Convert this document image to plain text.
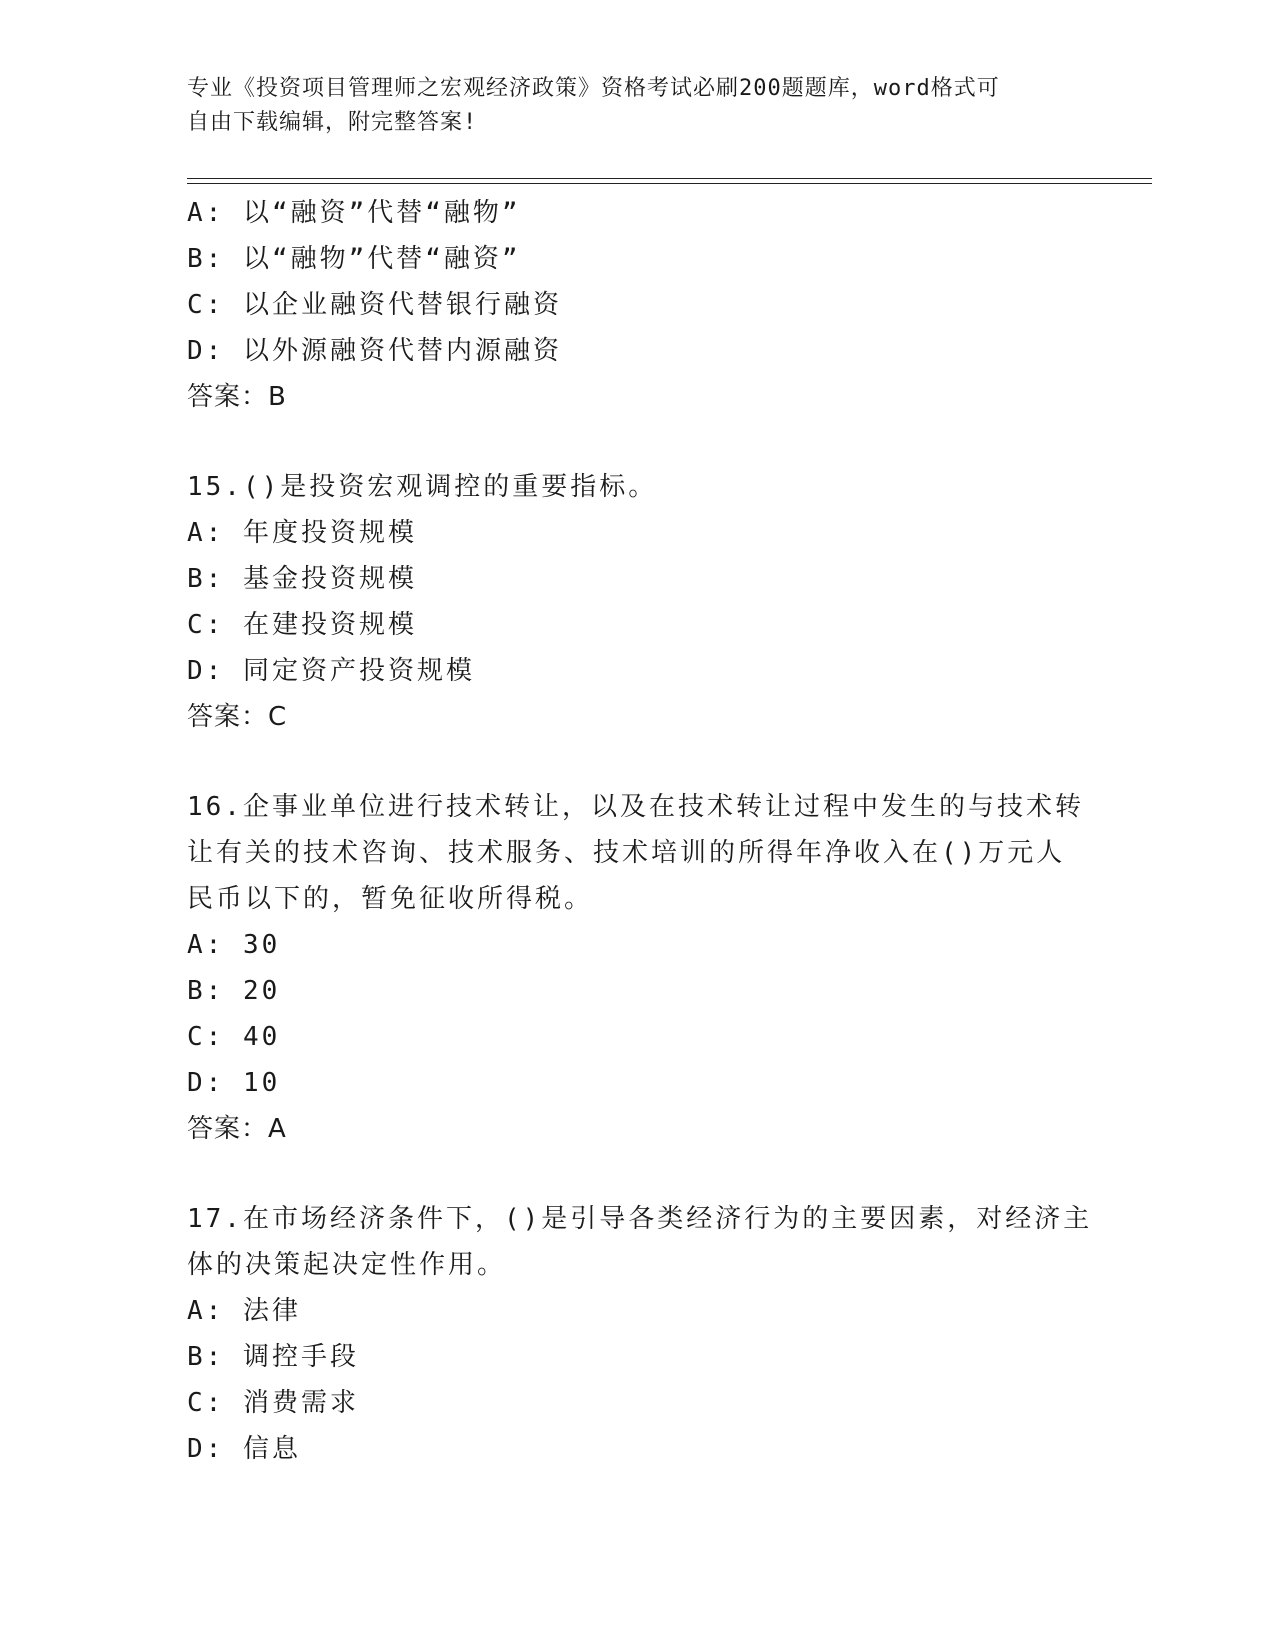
专业《投资项目管理师之宏观经济政策》资格考试必刷200题题库，word格式可
自由下载编辑，附完整答案!
A: 以“融资”代替“融物”
B: 以“融物”代替“融资”
C: 以企业融资代替银行融资
D: 以外源融资代替内源融资
答案：B
15.()是投资宏观调控的重要指标。
A: 年度投资规模
B: 基金投资规模
C: 在建投资规模
D: 同定资产投资规模
答案：C
16.企事业单位进行技术转让，以及在技术转让过程中发生的与技术转
让有关的技术咨询、技术服务、技术培训的所得年净收入在()万元人
民币以下的，暂免征收所得税。
A: 30
B: 20
C: 40
D: 10
答案：A
17.在市场经济条件下，()是引导各类经济行为的主要因素，对经济主
体的决策起决定性作用。
A: 法律
B: 调控手段
C: 消费需求
D: 信息
